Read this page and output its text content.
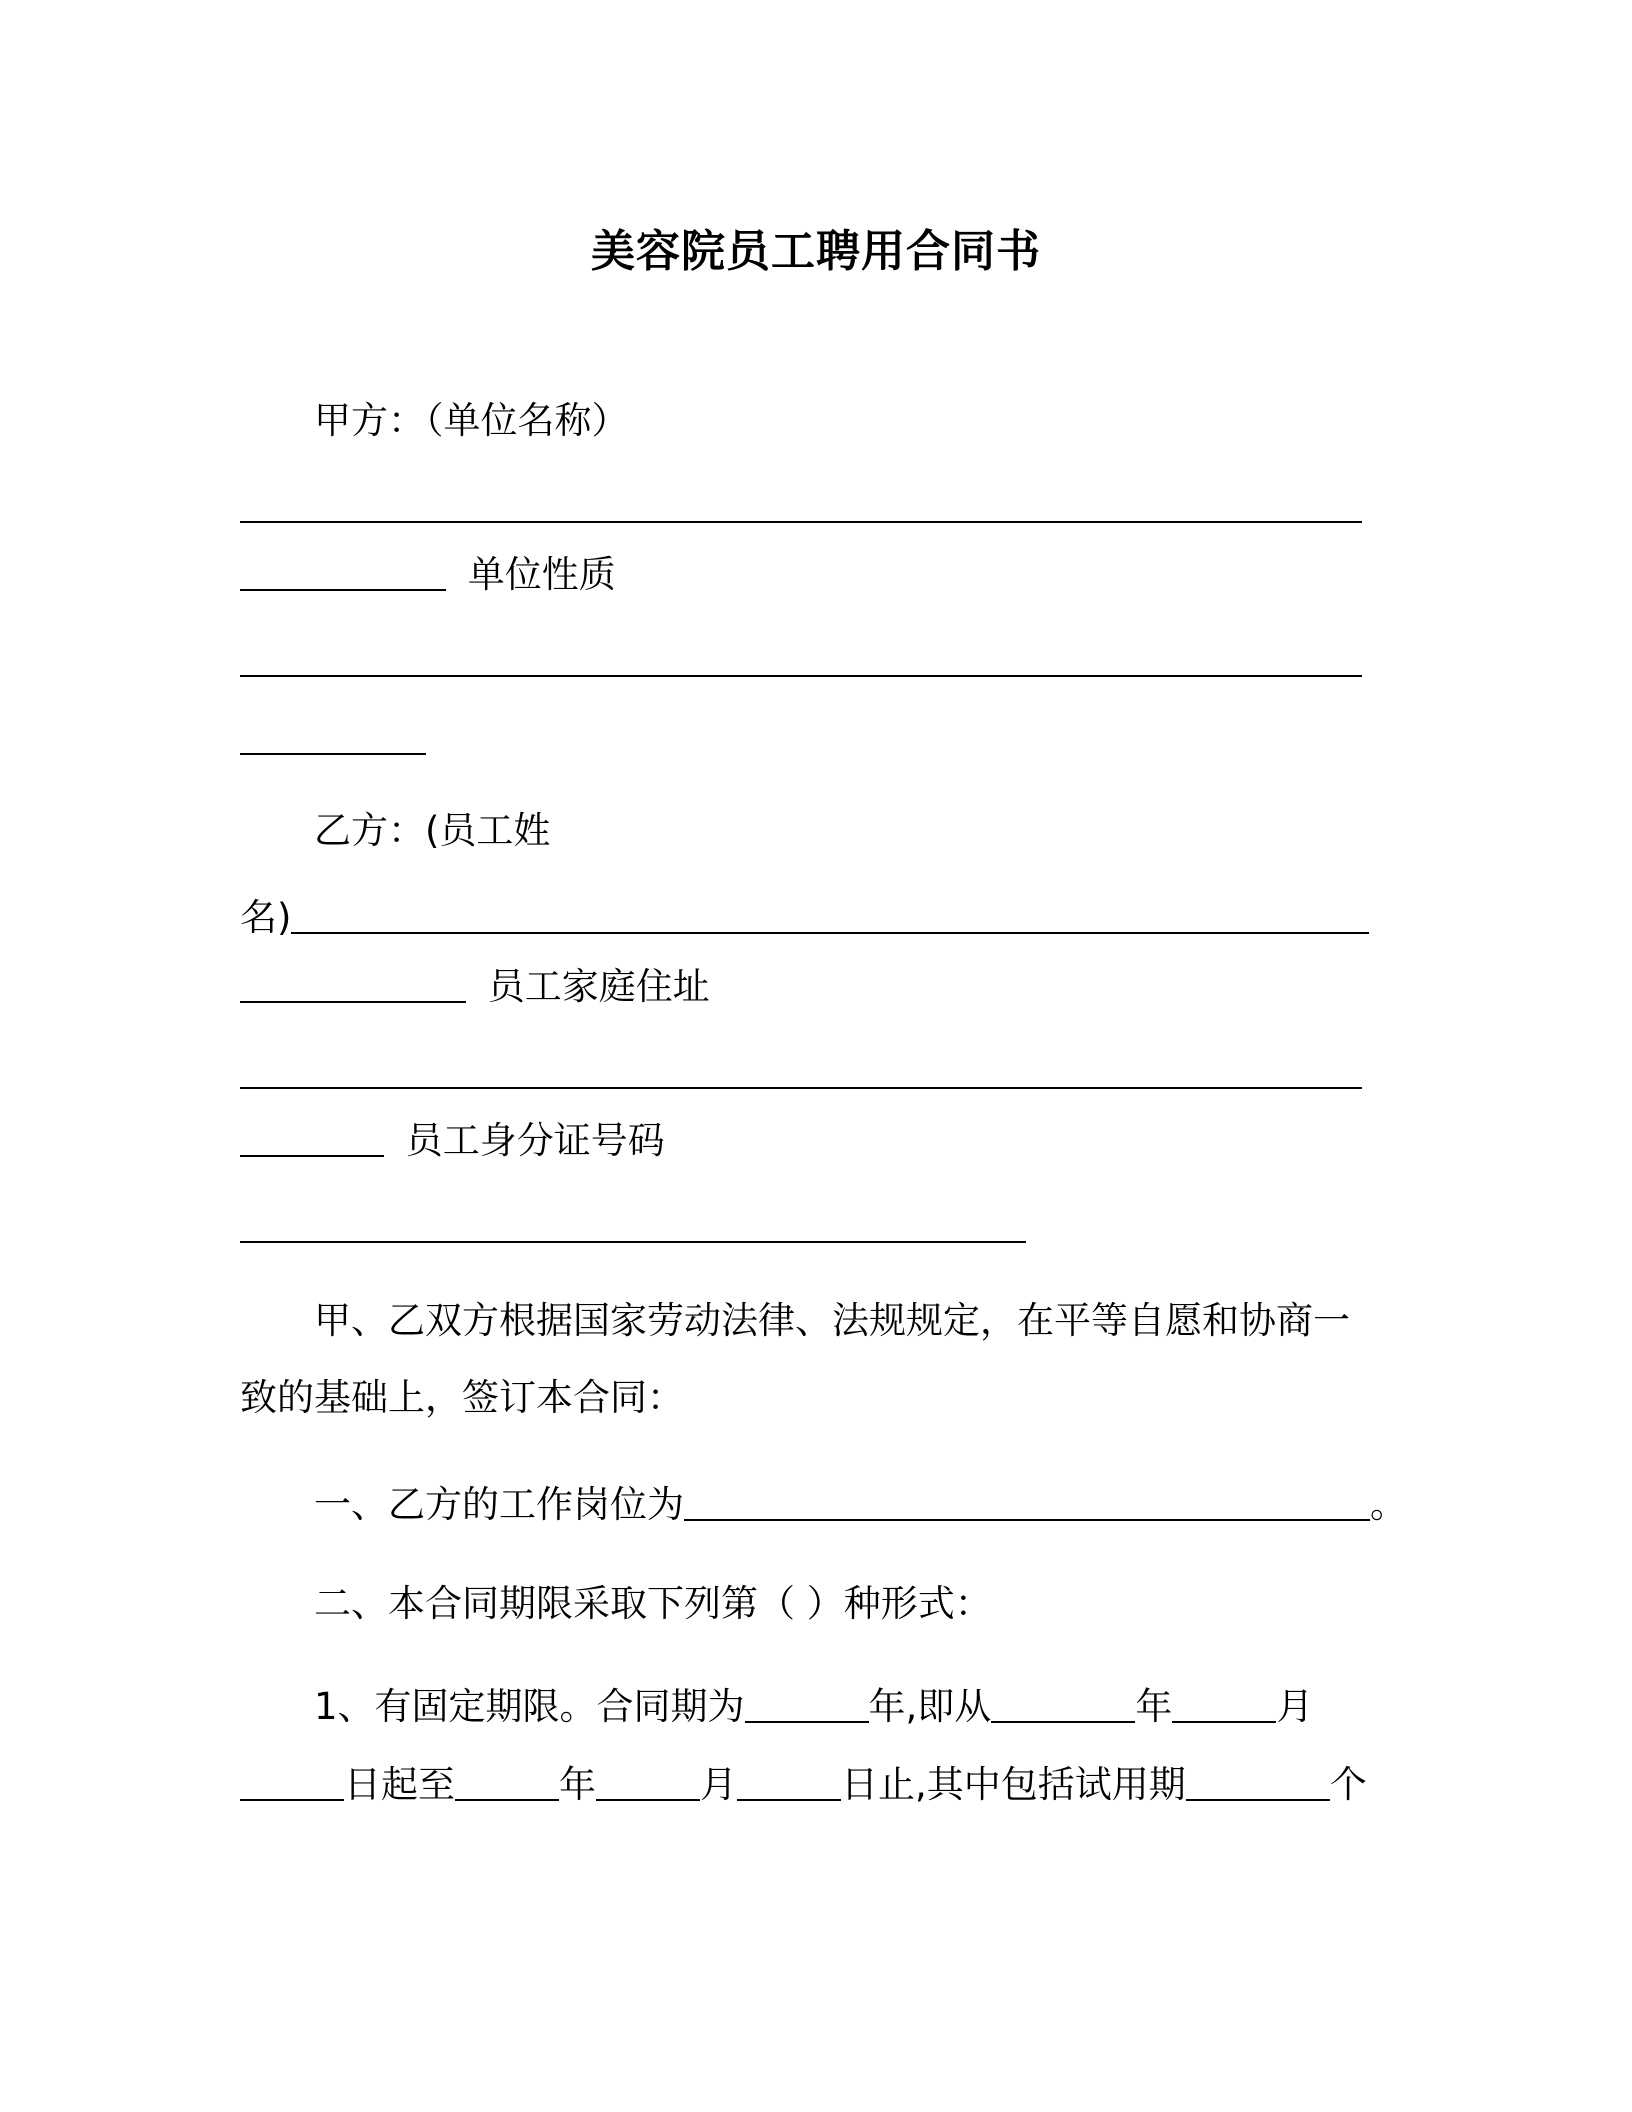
美容院员工聘用合同书
甲方：（单位名称）
单位性质
乙方：(员工姓
名)
员工家庭住址
员工身分证号码
甲、乙双方根据国家劳动法律、法规规定，在平等自愿和协商一
致的基础上，签订本合同：
一、乙方的工作岗位为	。
二、本合同期限采取下列第（ ）种形式：
1、有固定期限。合同期为	年,即从	年	月
日起至	年	月	日止,其中包括试用期	个
